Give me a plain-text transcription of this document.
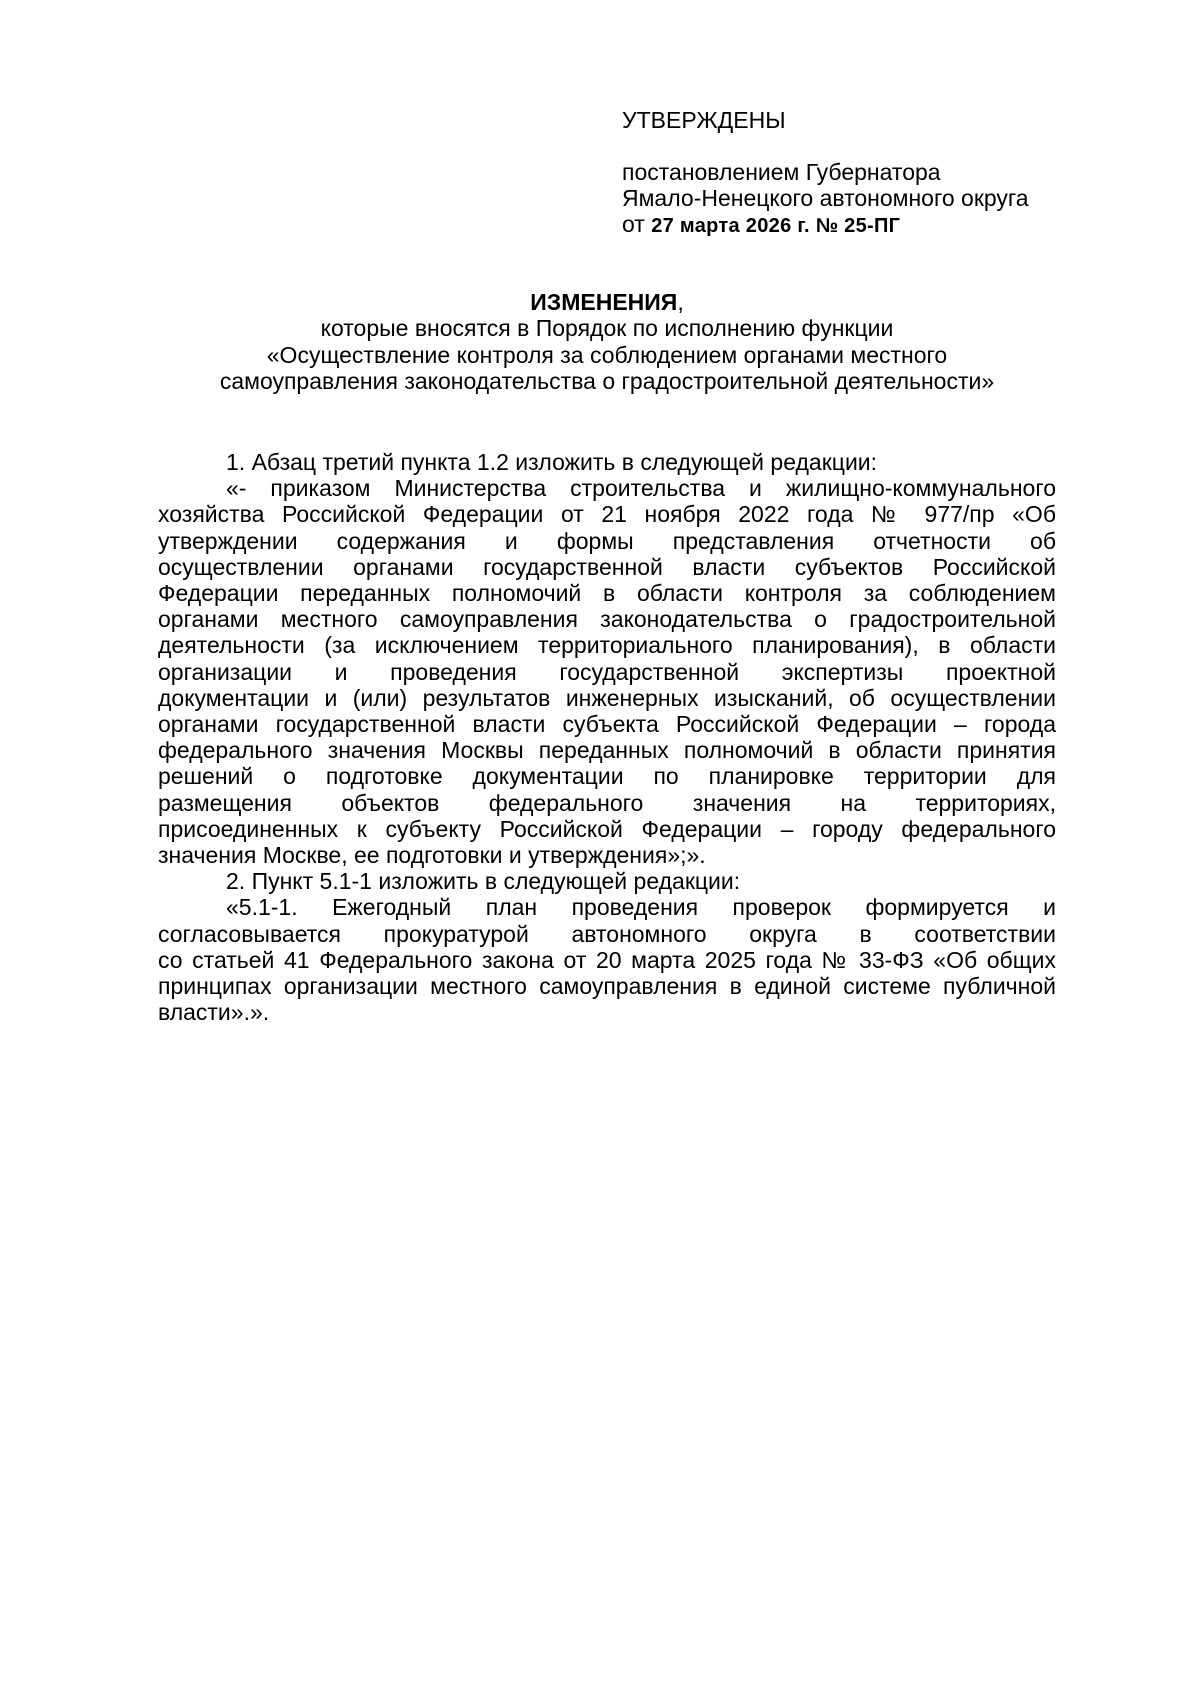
УТВЕРЖДЕНЫ
постановлением Губернатора
Ямало-Ненецкого автономного округа
от 27 марта 2026 г. № 25-ПГ
ИЗМЕНЕНИЯ,
которые вносятся в Порядок по исполнению функции
«Осуществление контроля за соблюдением органами местного
самоуправления законодательства о градостроительной деятельности»
1. Абзац третий пункта 1.2 изложить в следующей редакции:
«- приказом Министерства строительства и жилищно-коммунального
хозяйства Российской Федерации от 21 ноября 2022 года № 977/пр «Об
утверждении содержания и формы представления отчетности об
осуществлении органами государственной власти субъектов Российской
Федерации переданных полномочий в области контроля за соблюдением
органами местного самоуправления законодательства о градостроительной
деятельности (за исключением территориального планирования), в области
организации и проведения государственной экспертизы проектной
документации и (или) результатов инженерных изысканий, об осуществлении
органами государственной власти субъекта Российской Федерации – города
федерального значения Москвы переданных полномочий в области принятия
решений о подготовке документации по планировке территории для
размещения объектов федерального значения на территориях,
присоединенных к субъекту Российской Федерации – городу федерального
значения Москве, ее подготовки и утверждения»;».
2. Пункт 5.1-1 изложить в следующей редакции:
«5.1-1. Ежегодный план проведения проверок формируется и
согласовывается прокуратурой автономного округа в соответствии
со статьей 41 Федерального закона от 20 марта 2025 года № 33-ФЗ «Об общих
принципах организации местного самоуправления в единой системе публичной
власти».».
